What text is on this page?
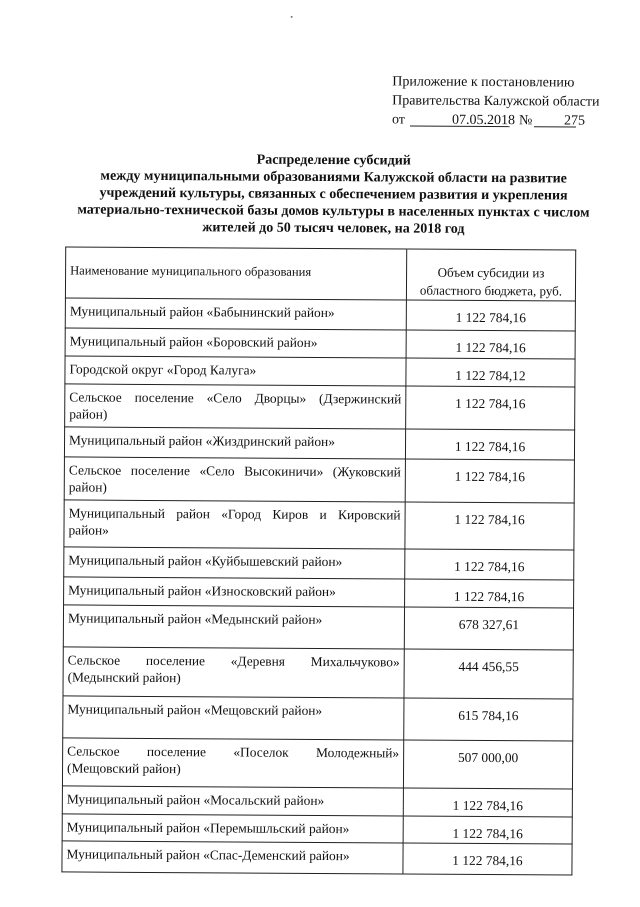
Приложение к постановлению
Правительства Калужской области
от	07.05.2018 № 275
Распределение субсидий
между муниципальными образованиями Калужской области на развитие
учреждений культуры, связанных с обеспечением развития и укрепления
материально-технической базы домов культуры в населенных пунктах с числом
жителей до 50 тысяч человек, на 2018 год
Наименование муниципального образования	Объем субсидии из областного бюджета, руб.
Муниципальный район «Бабынинский район»	1 122 784,16
Муниципальный район «Боровский район»	1 122 784,16
Городской округ «Город Калуга»	1 122 784,12
Сельское поселение «Село Дворцы» (Дзержинский район)	1 122 784,16
Муниципальный район «Жиздринский район»	1 122 784,16
Сельское поселение «Село Высокиничи» (Жуковский район)	1 122 784,16
Муниципальный район «Город Киров и Кировский район»	1 122 784,16
Муниципальный район «Куйбышевский район»	1 122 784,16
Муниципальный район «Износковский район»	1 122 784,16
Муниципальный район «Медынский район»	678 327,61
Сельское поселение «Деревня Михальчуково» (Медынский район)	444 456,55
Муниципальный район «Мещовский район»	615 784,16
Сельское поселение «Поселок Молодежный» (Мещовский район)	507 000,00
Муниципальный район «Мосальский район»	1 122 784,16
Муниципальный район «Перемышльский район»	1 122 784,16
Муниципальный район «Спас-Деменский район»	1 122 784,16
